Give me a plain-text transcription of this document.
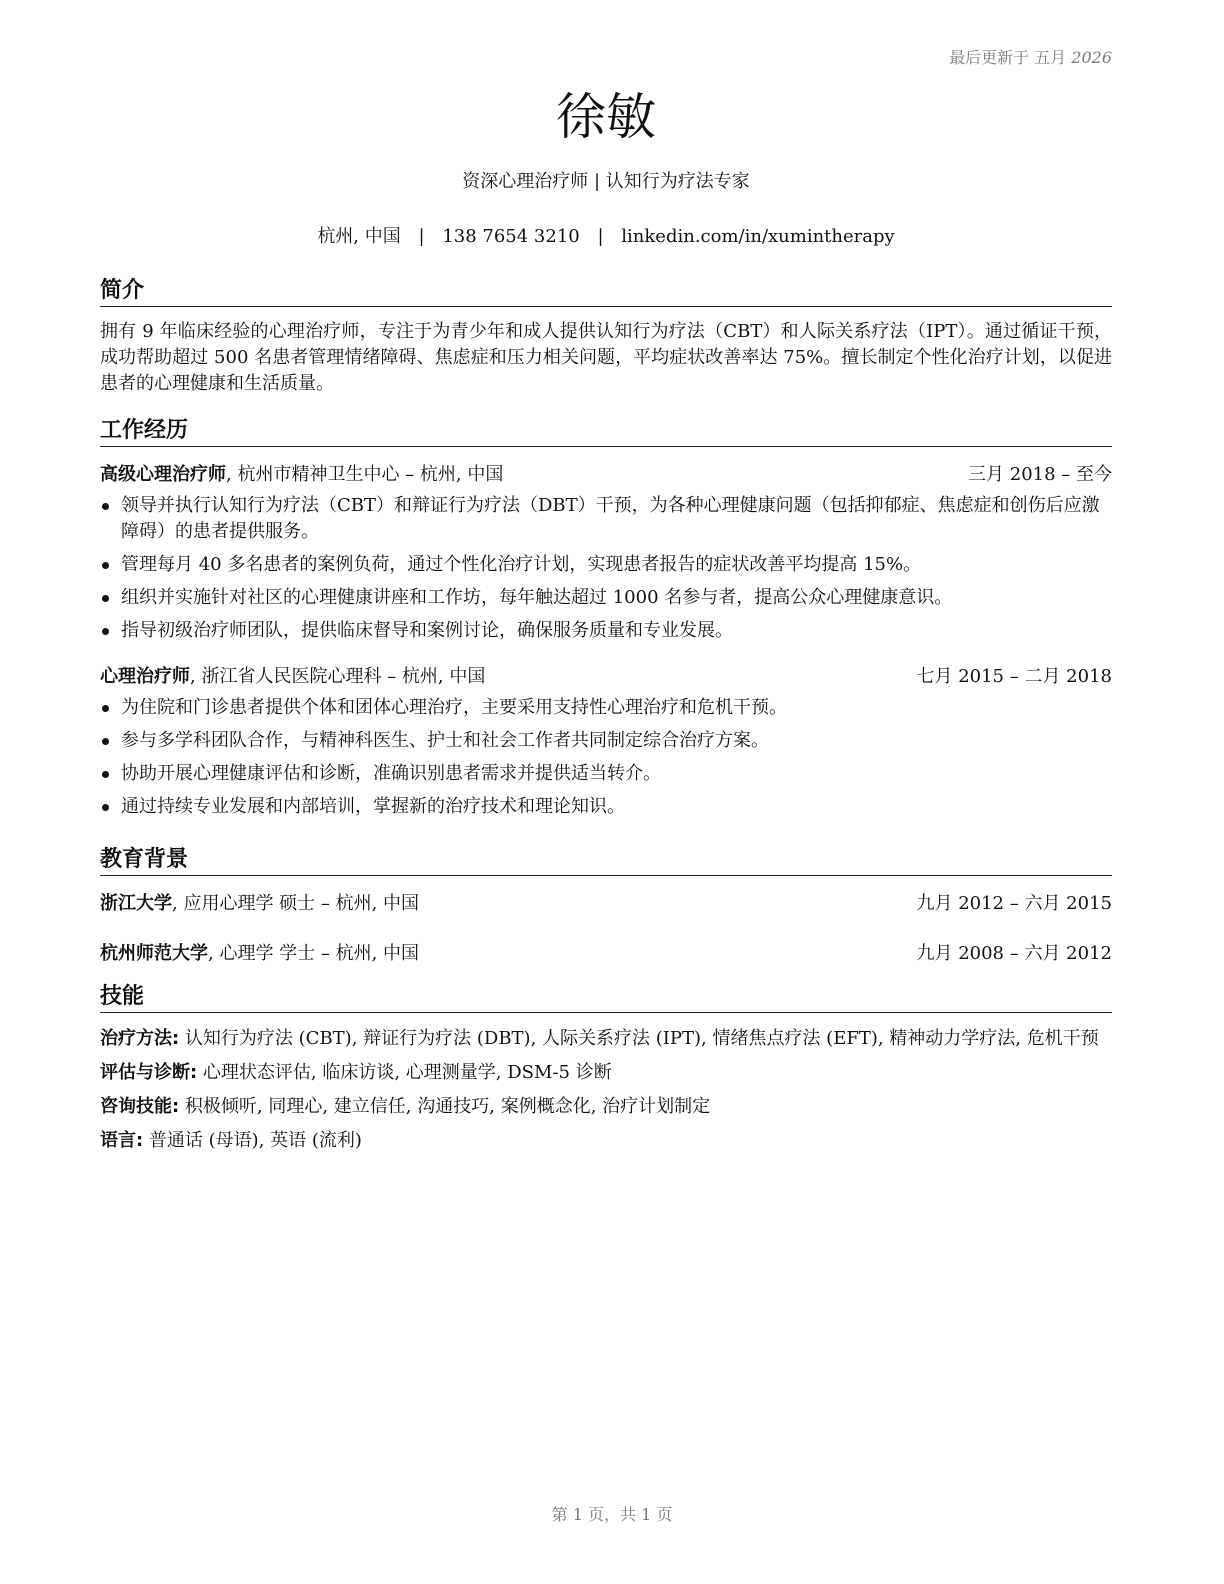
最后更新于 五月 2026
徐敏
资深心理治疗师 | 认知行为疗法专家
杭州, 中国 | 138 7654 3210 | linkedin.com/in/xumintherapy
简介
拥有 9 年临床经验的心理治疗师，专注于为青少年和成人提供认知行为疗法（CBT）和人际关系疗法（IPT）。通过循证干预，成功帮助超过 500 名患者管理情绪障碍、焦虑症和压力相关问题，平均症状改善率达 75%。擅长制定个性化治疗计划，以促进患者的心理健康和生活质量。
工作经历
高级心理治疗师, 杭州市精神卫生中心 – 杭州, 中国	三月 2018 – 至今
领导并执行认知行为疗法（CBT）和辩证行为疗法（DBT）干预，为各种心理健康问题（包括抑郁症、焦虑症和创伤后应激障碍）的患者提供服务。
管理每月 40 多名患者的案例负荷，通过个性化治疗计划，实现患者报告的症状改善平均提高 15%。
组织并实施针对社区的心理健康讲座和工作坊，每年触达超过 1000 名参与者，提高公众心理健康意识。
指导初级治疗师团队，提供临床督导和案例讨论，确保服务质量和专业发展。
心理治疗师, 浙江省人民医院心理科 – 杭州, 中国	七月 2015 – 二月 2018
为住院和门诊患者提供个体和团体心理治疗，主要采用支持性心理治疗和危机干预。
参与多学科团队合作，与精神科医生、护士和社会工作者共同制定综合治疗方案。
协助开展心理健康评估和诊断，准确识别患者需求并提供适当转介。
通过持续专业发展和内部培训，掌握新的治疗技术和理论知识。
教育背景
浙江大学, 应用心理学 硕士 – 杭州, 中国	九月 2012 – 六月 2015
杭州师范大学, 心理学 学士 – 杭州, 中国	九月 2008 – 六月 2012
技能
治疗方法: 认知行为疗法 (CBT), 辩证行为疗法 (DBT), 人际关系疗法 (IPT), 情绪焦点疗法 (EFT), 精神动力学疗法, 危机干预
评估与诊断: 心理状态评估, 临床访谈, 心理测量学, DSM-5 诊断
咨询技能: 积极倾听, 同理心, 建立信任, 沟通技巧, 案例概念化, 治疗计划制定
语言: 普通话 (母语), 英语 (流利)
第 1 页，共 1 页
